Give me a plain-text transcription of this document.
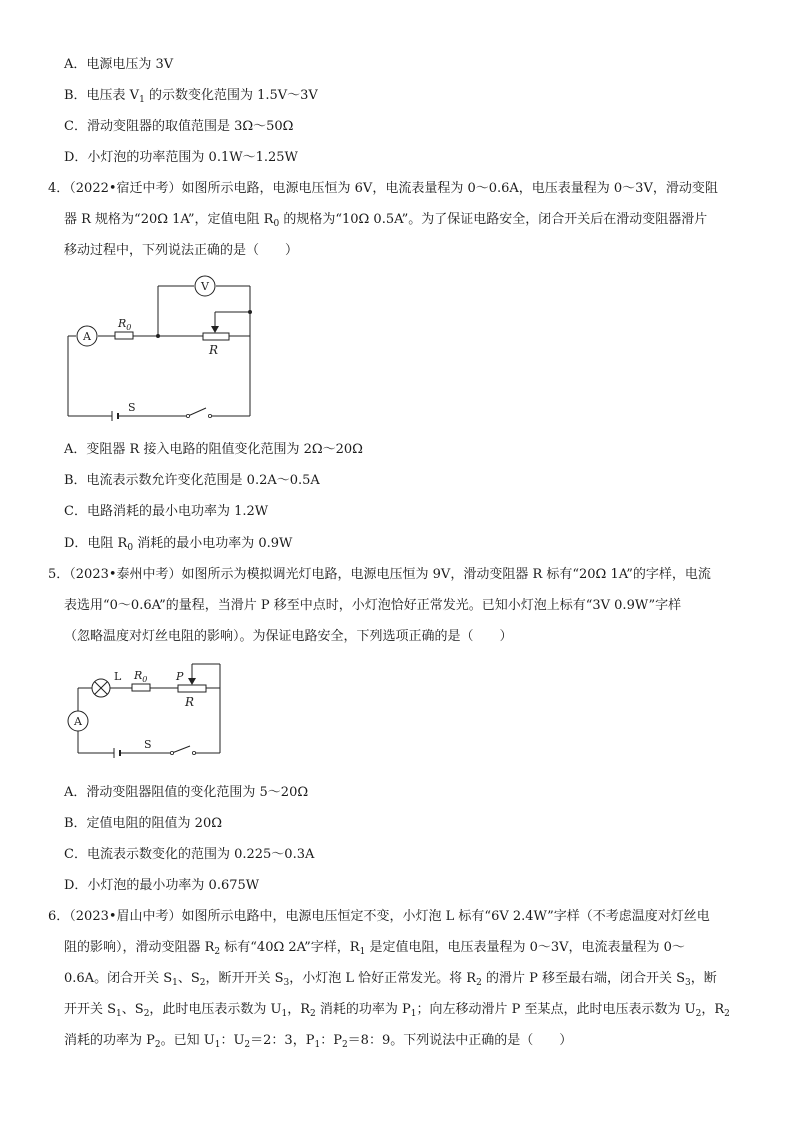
A．电源电压为 3V
B．电压表 $V_1$ 的示数变化范围为 1.5V～3V
C．滑动变阻器的取值范围是 3Ω～50Ω
D．小灯泡的功率范围为 0.1W～1.25W
4．（2022•宿迁中考）如图所示电路，电源电压恒为 6V，电流表量程为 0～0.6A，电压表量程为 0～3V，滑动变阻
器 R 规格为“20Ω 1A”，定值电阻 $R_0$ 的规格为“10Ω 0.5A”。为了保证电路安全，闭合开关后在滑动变阻器滑片
移动过程中，下列说法正确的是（　　）
A
$R_0$
R
V
S
A．变阻器 R 接入电路的阻值变化范围为 2Ω～20Ω
B．电流表示数允许变化范围是 0.2A～0.5A
C．电路消耗的最小电功率为 1.2W
D．电阻 $R_0$ 消耗的最小电功率为 0.9W
5．（2023•泰州中考）如图所示为模拟调光灯电路，电源电压恒为 9V，滑动变阻器 R 标有“20Ω 1A”的字样，电流
表选用“0～0.6A”的量程，当滑片 P 移至中点时，小灯泡恰好正常发光。已知小灯泡上标有“3V 0.9W”字样
（忽略温度对灯丝电阻的影响）。为保证电路安全，下列选项正确的是（　　）
L $R_0$	P
R
A
S
A．滑动变阻器阻值的变化范围为 5～20Ω
B．定值电阻的阻值为 20Ω
C．电流表示数变化的范围为 0.225～0.3A
D．小灯泡的最小功率为 0.675W
6．（2023•眉山中考）如图所示电路中，电源电压恒定不变，小灯泡 L 标有“6V 2.4W”字样（不考虑温度对灯丝电
阻的影响），滑动变阻器 $R_2$ 标有“40Ω 2A”字样，$R_1$ 是定值电阻，电压表量程为 0～3V，电流表量程为 0～
0.6A。闭合开关 $S_1$、$S_2$，断开开关 $S_3$，小灯泡 L 恰好正常发光。将 $R_2$ 的滑片 P 移至最右端，闭合开关 $S_3$，断
开开关 $S_1$、$S_2$，此时电压表示数为 $U_1$，$R_2$ 消耗的功率为 $P_1$；向左移动滑片 P 至某点，此时电压表示数为 $U_2$，$R_2$
消耗的功率为 $P_2$。已知 $U_1$：$U_2=2$：3，$P_1$：$P_2=8$：9。下列说法中正确的是（　　）
